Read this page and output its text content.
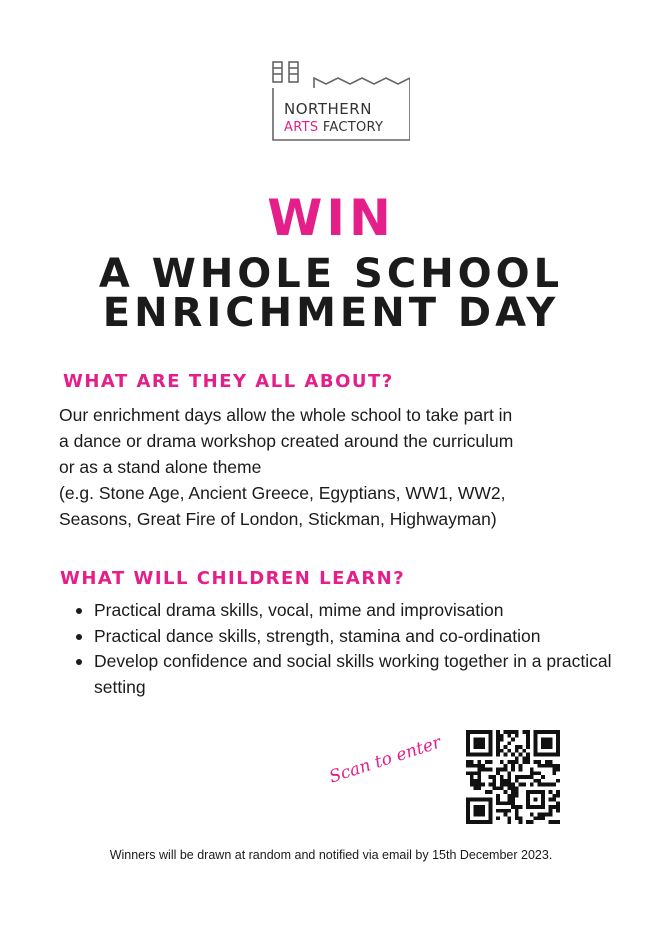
NORTHERN
ARTS FACTORY
WIN
A WHOLE SCHOOL
ENRICHMENT DAY
WHAT ARE THEY ALL ABOUT?
Our enrichment days allow the whole school to take part in
a dance or drama workshop created around the curriculum
or as a stand alone theme
(e.g. Stone Age, Ancient Greece, Egyptians, WW1, WW2,
Seasons, Great Fire of London, Stickman, Highwayman)
WHAT WILL CHILDREN LEARN?
Practical drama skills, vocal, mime and improvisation
Practical dance skills, strength, stamina and co-ordination
Develop confidence and social skills working together in a practical setting
Scan to enter
Winners will be drawn at random and notified via email by 15th December 2023.
